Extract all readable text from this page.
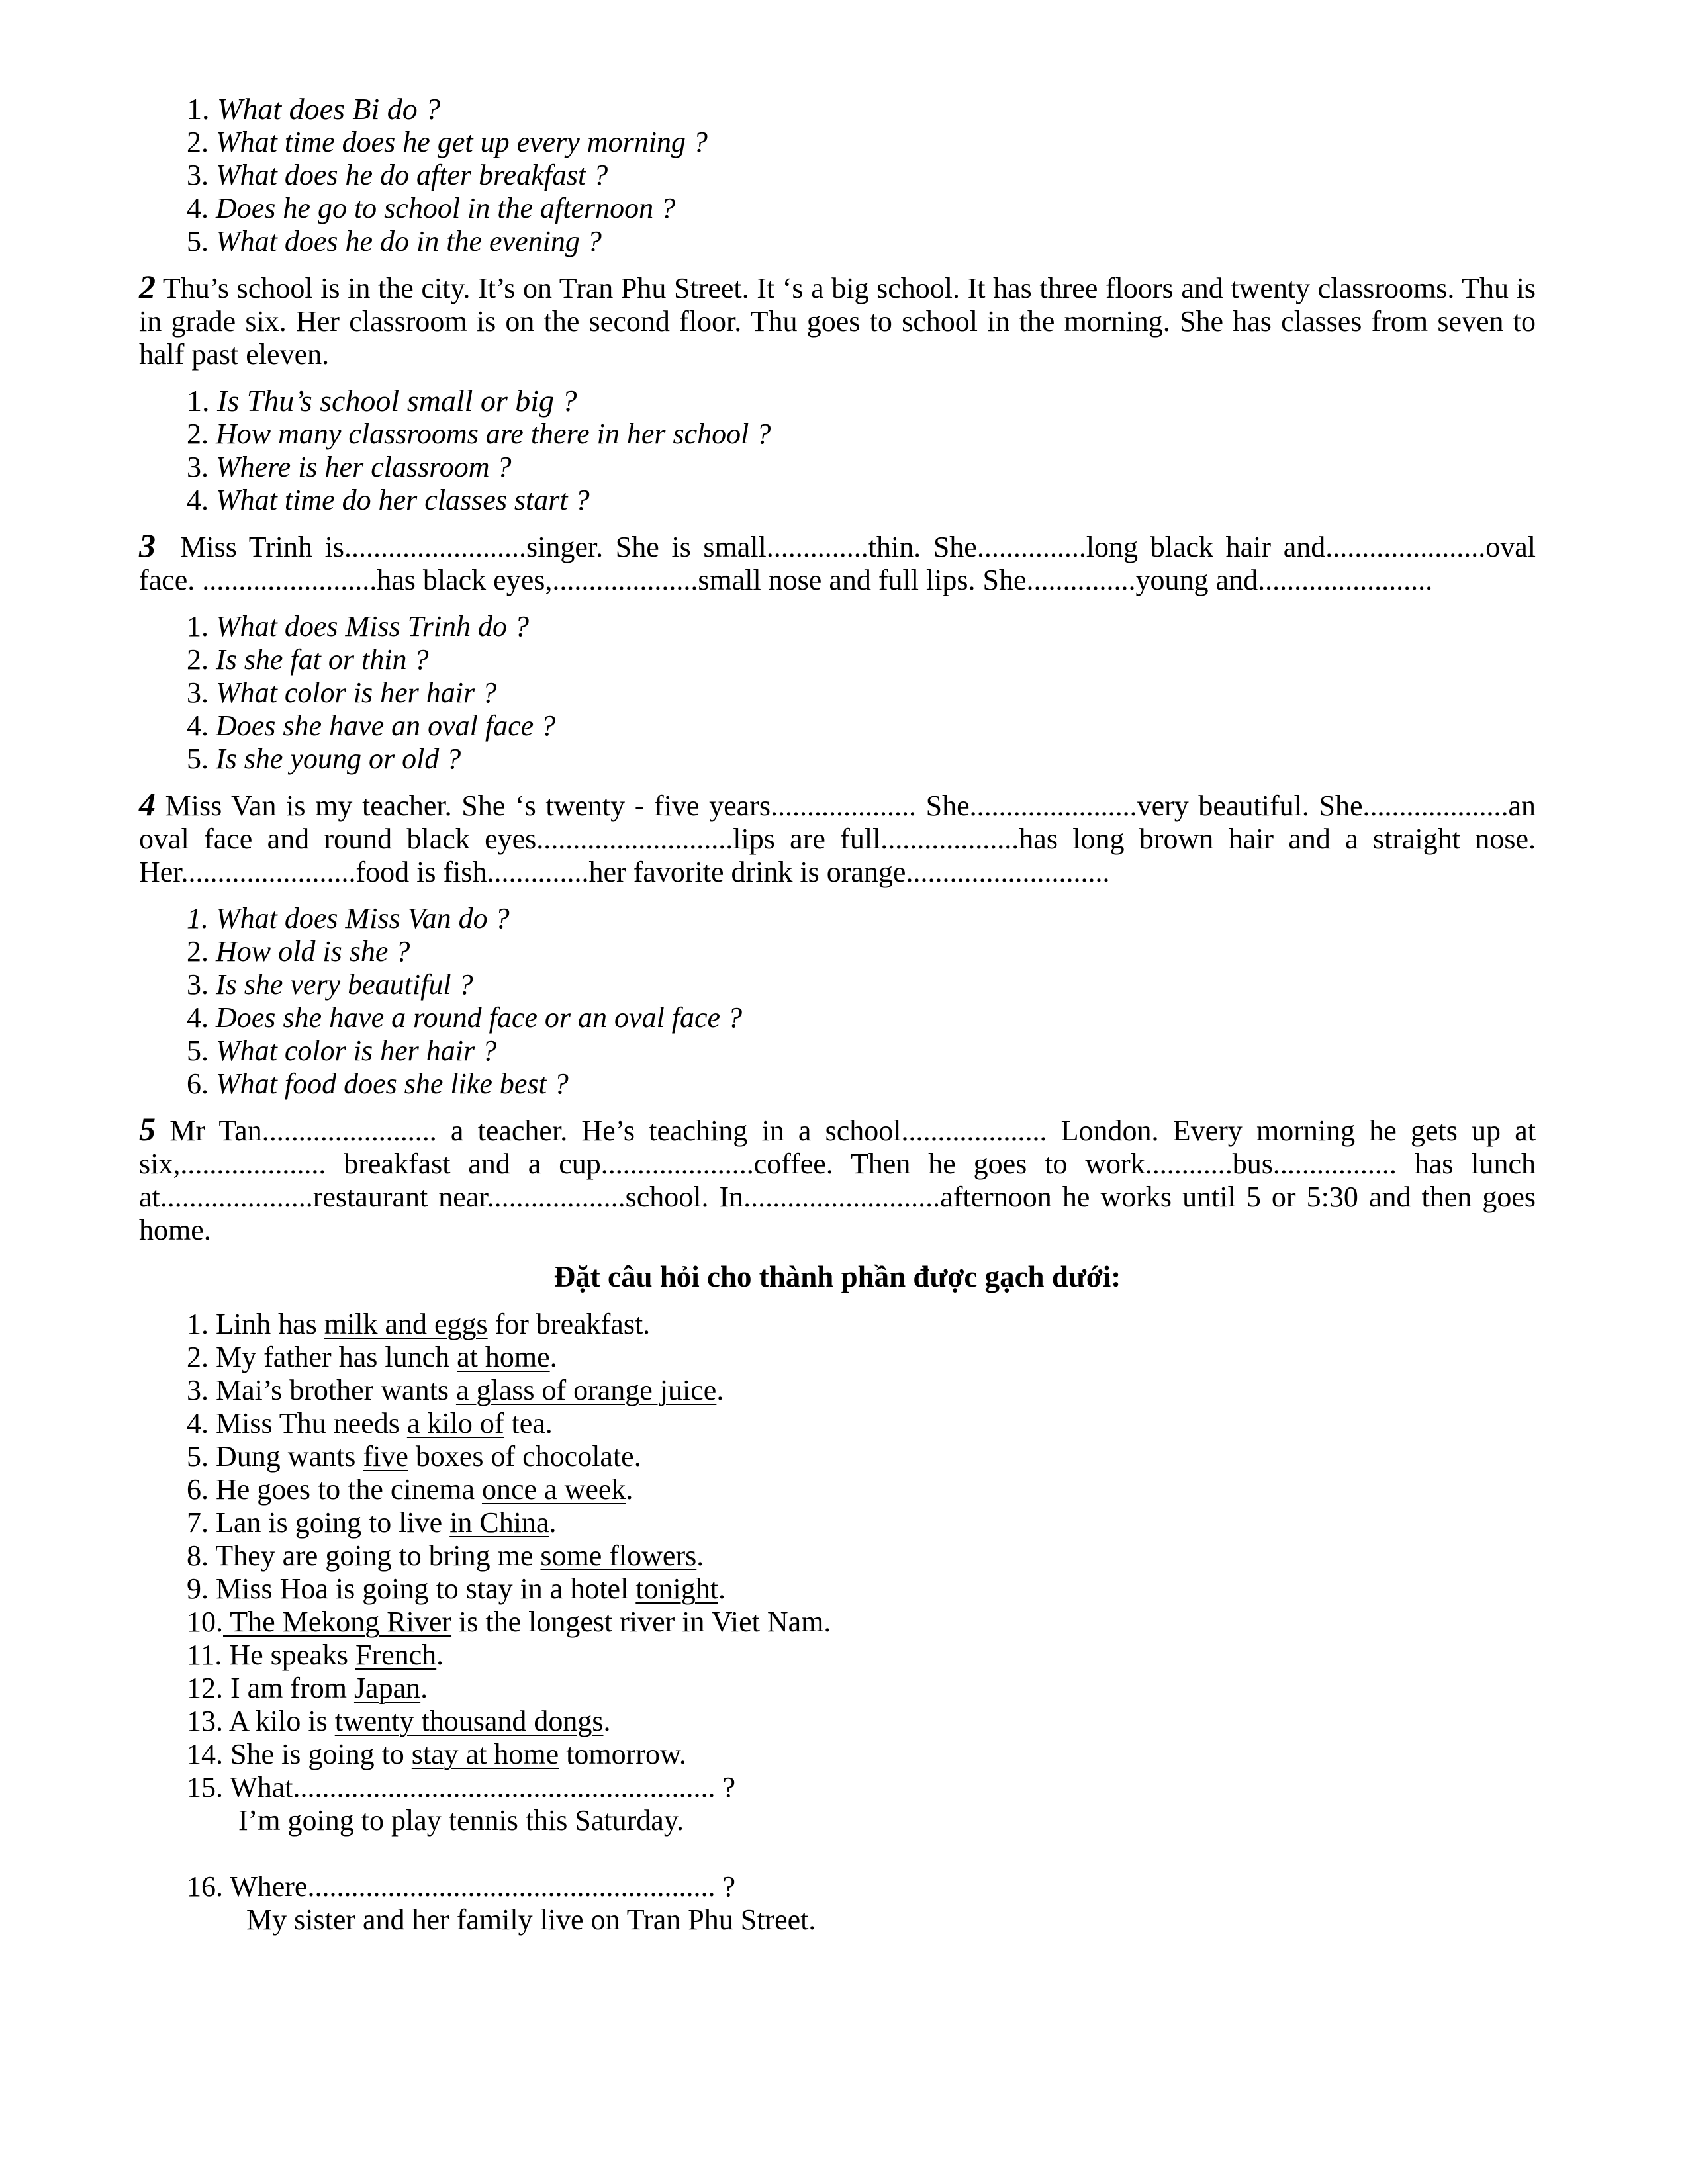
1. What does Bi do ?
2. What time does he get up every morning ?
3. What does he do after breakfast ?
4. Does he go to school in the afternoon ?
5. What does he do in the evening ?
2 Thu’s school is in the city. It’s on Tran Phu Street. It ‘s a big school. It has three floors and twenty classrooms. Thu is in grade six. Her classroom is on the second floor. Thu goes to school in the morning. She has classes from seven to half past eleven.
1. Is Thu’s school small or big ?
2. How many classrooms are there in her school ?
3. Where is her classroom ?
4. What time do her classes start ?
3 Miss Trinh is.........................singer. She is small..............thin. She...............long black hair and......................oval face. ........................has black eyes,....................small nose and full lips. She...............young and........................
1. What does Miss Trinh do ?
2. Is she fat or thin ?
3. What color is her hair ?
4. Does she have an oval face ?
5. Is she young or old ?
4 Miss Van is my teacher. She ‘s twenty - five years.................... She.......................very beautiful. She....................an oval face and round black eyes...........................lips are full...................has long brown hair and a straight nose. Her........................food is fish..............her favorite drink is orange............................
1. What does Miss Van do ?
2. How old is she ?
3. Is she very beautiful ?
4. Does she have a round face or an oval face ?
5. What color is her hair ?
6. What food does she like best ?
5 Mr Tan........................ a teacher. He’s teaching in a school.................... London. Every morning he gets up at six,.................... breakfast and a cup.....................coffee. Then he goes to work............bus................. has lunch at.....................restaurant near...................school. In...........................afternoon he works until 5 or 5:30 and then goes home.
Đặt câu hỏi cho thành phần được gạch dưới:
1. Linh has milk and eggs for breakfast.
2. My father has lunch at home.
3. Mai’s brother wants a glass of orange juice.
4. Miss Thu needs a kilo of tea.
5. Dung wants five boxes of chocolate.
6. He goes to the cinema once a week.
7. Lan is going to live in China.
8. They are going to bring me some flowers.
9. Miss Hoa is going to stay in a hotel tonight.
10. The Mekong River is the longest river in Viet Nam.
11. He speaks French.
12. I am from Japan.
13. A kilo is twenty thousand dongs.
14. She is going to stay at home tomorrow.
15. What.......................................................... ?
I’m going to play tennis this Saturday.
16. Where........................................................ ?
My sister and her family live on Tran Phu Street.
